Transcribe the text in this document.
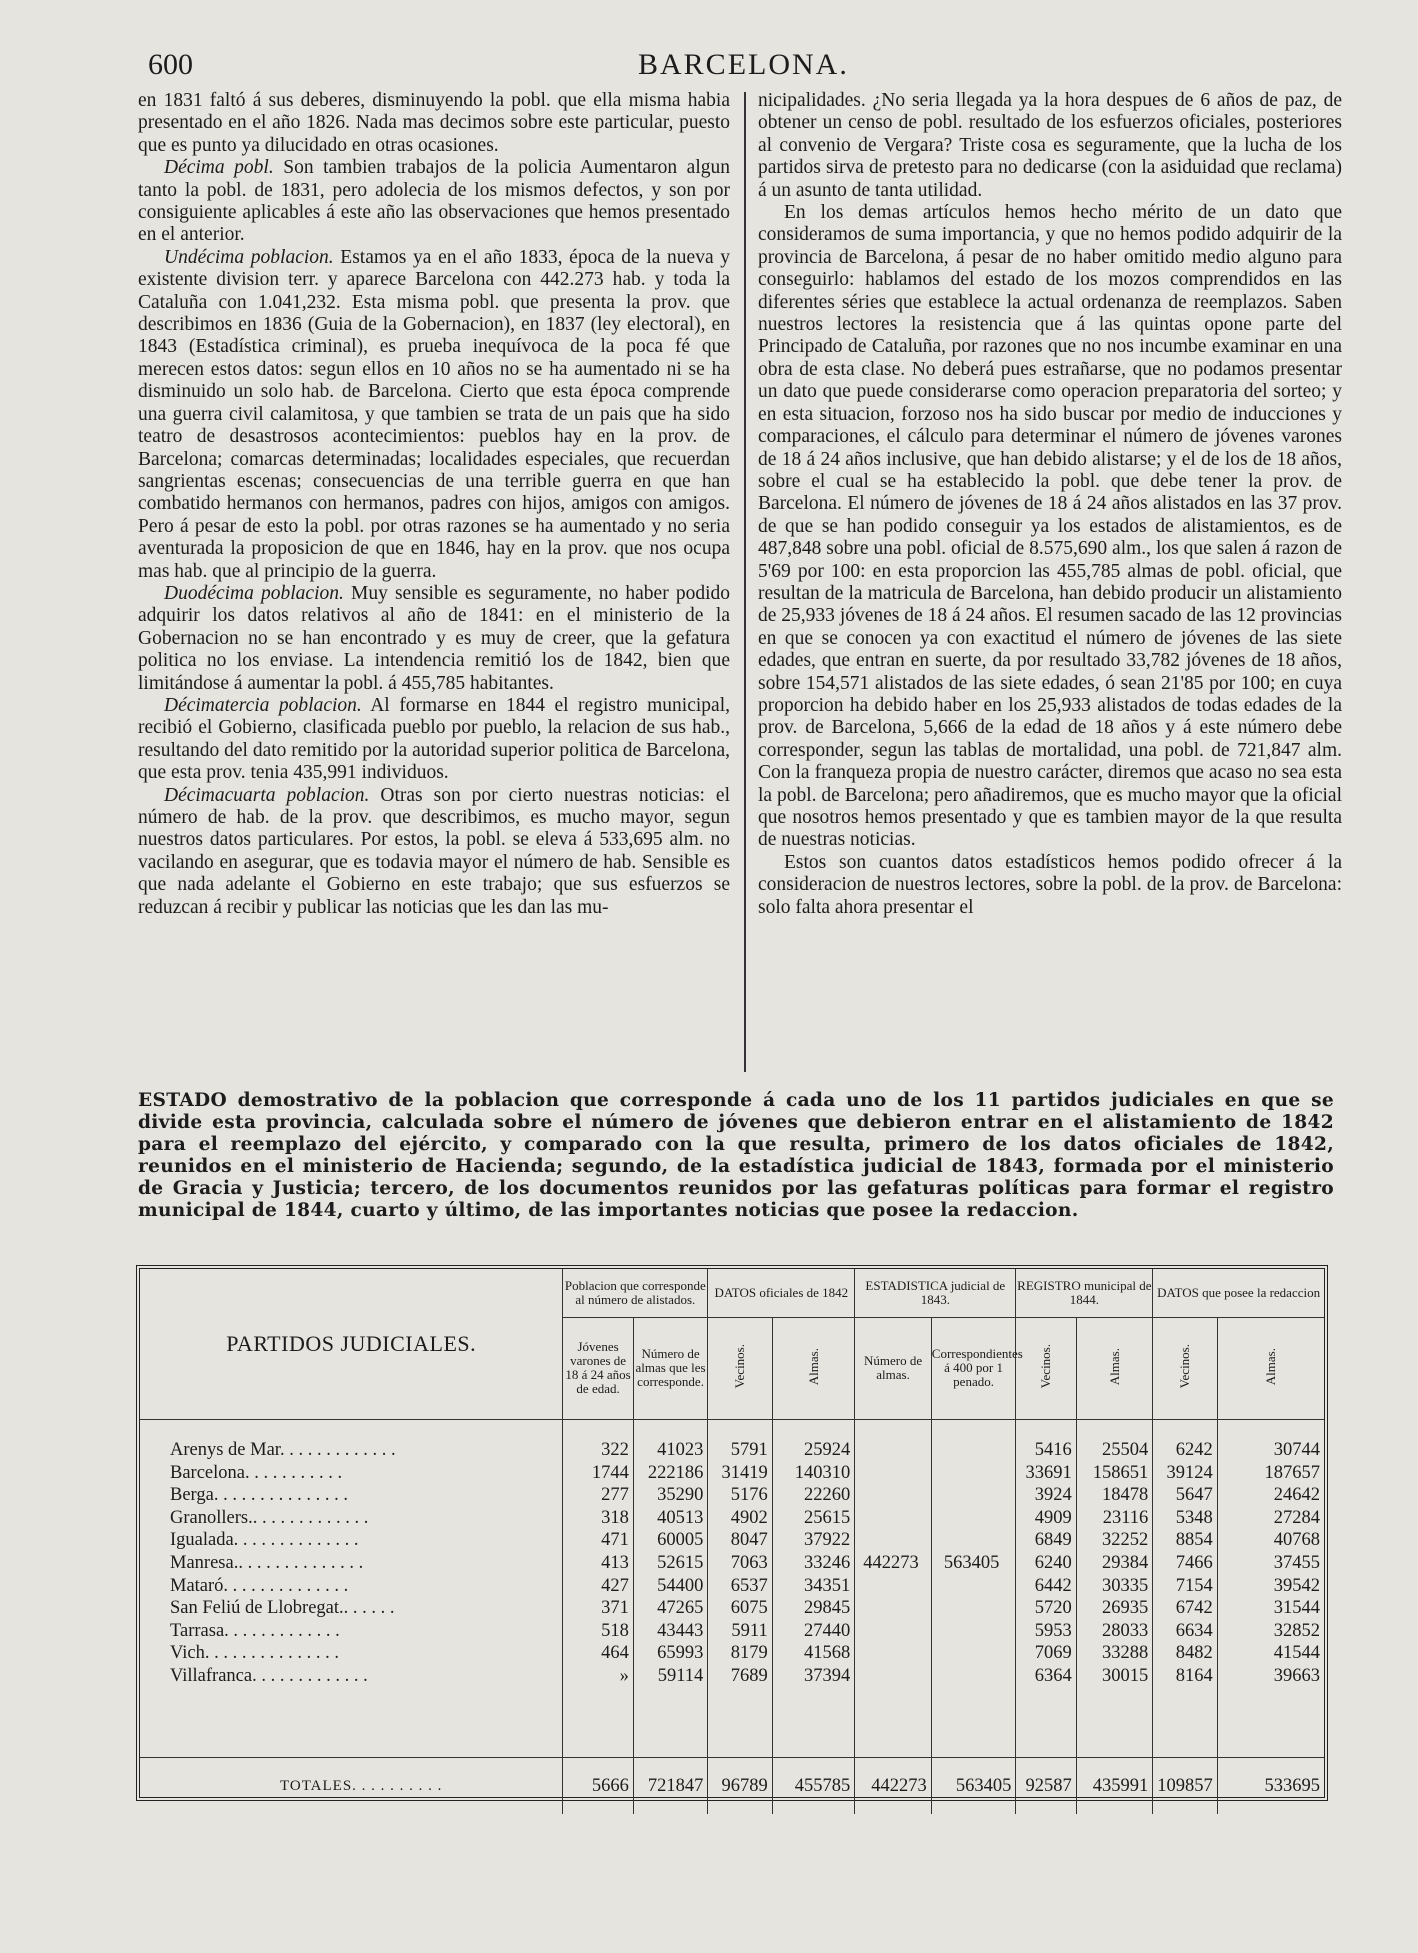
600	BARCELONA.

en 1831 faltó á sus deberes, disminuyendo la pobl. que ella misma habia presentado en el año 1826. Nada mas decimos sobre este particular, puesto que es punto ya dilucidado en otras ocasiones.

Décima pobl. Son tambien trabajos de la policia Aumentaron algun tanto la pobl. de 1831, pero adolecia de los mismos defectos, y son por consiguiente aplicables á este año las observaciones que hemos presentado en el anterior.

Undécima poblacion. Estamos ya en el año 1833, época de la nueva y existente division terr. y aparece Barcelona con 442.273 hab. y toda la Cataluña con 1.041,232. Esta misma pobl. que presenta la prov. que describimos en 1836 (Guia de la Gobernacion), en 1837 (ley electoral), en 1843 (Estadística criminal), es prueba inequívoca de la poca fé que merecen estos datos: segun ellos en 10 años no se ha aumentado ni se ha disminuido un solo hab. de Barcelona. Cierto que esta época comprende una guerra civil calamitosa, y que tambien se trata de un pais que ha sido teatro de desastrosos acontecimientos: pueblos hay en la prov. de Barcelona; comarcas determinadas; localidades especiales, que recuerdan sangrientas escenas; consecuencias de una terrible guerra en que han combatido hermanos con hermanos, padres con hijos, amigos con amigos. Pero á pesar de esto la pobl. por otras razones se ha aumentado y no seria aventurada la proposicion de que en 1846, hay en la prov. que nos ocupa mas hab. que al principio de la guerra.

Duodécima poblacion. Muy sensible es seguramente, no haber podido adquirir los datos relativos al año de 1841: en el ministerio de la Gobernacion no se han encontrado y es muy de creer, que la gefatura politica no los enviase. La intendencia remitió los de 1842, bien que limitándose á aumentar la pobl. á 455,785 habitantes.

Décimatercia poblacion. Al formarse en 1844 el registro municipal, recibió el Gobierno, clasificada pueblo por pueblo, la relacion de sus hab., resultando del dato remitido por la autoridad superior politica de Barcelona, que esta prov. tenia 435,991 individuos.

Décimacuarta poblacion. Otras son por cierto nuestras noticias: el número de hab. de la prov. que describimos, es mucho mayor, segun nuestros datos particulares. Por estos, la pobl. se eleva á 533,695 alm. no vacilando en asegurar, que es todavia mayor el número de hab. Sensible es que nada adelante el Gobierno en este trabajo; que sus esfuerzos se reduzcan á recibir y publicar las noticias que les dan las mu-

nicipalidades. ¿No seria llegada ya la hora despues de 6 años de paz, de obtener un censo de pobl. resultado de los esfuerzos oficiales, posteriores al convenio de Vergara? Triste cosa es seguramente, que la lucha de los partidos sirva de pretesto para no dedicarse (con la asiduidad que reclama) á un asunto de tanta utilidad.

En los demas artículos hemos hecho mérito de un dato que consideramos de suma importancia, y que no hemos podido adquirir de la provincia de Barcelona, á pesar de no haber omitido medio alguno para conseguirlo: hablamos del estado de los mozos comprendidos en las diferentes séries que establece la actual ordenanza de reemplazos. Saben nuestros lectores la resistencia que á las quintas opone parte del Principado de Cataluña, por razones que no nos incumbe examinar en una obra de esta clase. No deberá pues estrañarse, que no podamos presentar un dato que puede considerarse como operacion preparatoria del sorteo; y en esta situacion, forzoso nos ha sido buscar por medio de inducciones y comparaciones, el cálculo para determinar el número de jóvenes varones de 18 á 24 años inclusive, que han debido alistarse; y el de los de 18 años, sobre el cual se ha establecido la pobl. que debe tener la prov. de Barcelona. El número de jóvenes de 18 á 24 años alistados en las 37 prov. de que se han podido conseguir ya los estados de alistamientos, es de 487,848 sobre una pobl. oficial de 8.575,690 alm., los que salen á razon de 5'69 por 100: en esta proporcion las 455,785 almas de pobl. oficial, que resultan de la matricula de Barcelona, han debido producir un alistamiento de 25,933 jóvenes de 18 á 24 años. El resumen sacado de las 12 provincias en que se conocen ya con exactitud el número de jóvenes de las siete edades, que entran en suerte, da por resultado 33,782 jóvenes de 18 años, sobre 154,571 alistados de las siete edades, ó sean 21'85 por 100; en cuya proporcion ha debido haber en los 25,933 alistados de todas edades de la prov. de Barcelona, 5,666 de la edad de 18 años y á este número debe corresponder, segun las tablas de mortalidad, una pobl. de 721,847 alm. Con la franqueza propia de nuestro carácter, diremos que acaso no sea esta la pobl. de Barcelona; pero añadiremos, que es mucho mayor que la oficial que nosotros hemos presentado y que es tambien mayor de la que resulta de nuestras noticias.

Estos son cuantos datos estadísticos hemos podido ofrecer á la consideracion de nuestros lectores, sobre la pobl. de la prov. de Barcelona: solo falta ahora presentar el

ESTADO demostrativo de la poblacion que corresponde á cada uno de los 11 partidos judiciales en que se divide esta provincia, calculada sobre el número de jóvenes que debieron entrar en el alistamiento de 1842 para el reemplazo del ejército, y comparado con la que resulta, primero de los datos oficiales de 1842, reunidos en el ministerio de Hacienda; segundo, de la estadística judicial de 1843, formada por el ministerio de Gracia y Justicia; tercero, de los documentos reunidos por las gefaturas políticas para formar el registro municipal de 1844, cuarto y último, de las importantes noticias que posee la redaccion.
PARTIDOS JUDICIALES.	Poblacion que corresponde al número de alistados.		DATOS oficiales de 1842		ESTADISTICA judicial de 1843.		REGISTRO municipal de 1844.		DATOS que posee la redaccion	
	Jóvenes varones de 18 á 24 años de edad.	Número de almas que les corresponde.	Vecinos.	Almas.	Número de almas.	Correspondientes á 400 por 1 penado.	Vecinos.	Almas.	Vecinos.	Almas.

Arenys de Mar. . . . . . . . . . . . .	322	41023	5791	25924	442273	563405	5416	25504	6242	30744
Barcelona. . . . . . . . . . .	1744	222186	31419	140310			33691	158651	39124	187657
Berga. . . . . . . . . . . . . . .	277	35290	5176	22260			3924	18478	5647	24642
Granollers.. . . . . . . . . . . . .	318	40513	4902	25615			4909	23116	5348	27284
Igualada. . . . . . . . . . . . . .	471	60005	8047	37922			6849	32252	8854	40768
Manresa.. . . . . . . . . . . . . .	413	52615	7063	33246			6240	29384	7466	37455
Mataró. . . . . . . . . . . . . .	427	54400	6537	34351			6442	30335	7154	39542
San Feliú de Llobregat.. . . . . .	371	47265	6075	29845			5720	26935	6742	31544
Tarrasa. . . . . . . . . . . . .	518	43443	5911	27440			5953	28033	6634	32852
Vich. . . . . . . . . . . . . . .	464	65993	8179	41568			7069	33288	8482	41544
Villafranca. . . . . . . . . . . . .	»	59114	7689	37394			6364	30015	8164	39663

TOTALES. . . . . . . . . .	5666	721847	96789	455785	442273	563405	92587	435991	109857	533695
